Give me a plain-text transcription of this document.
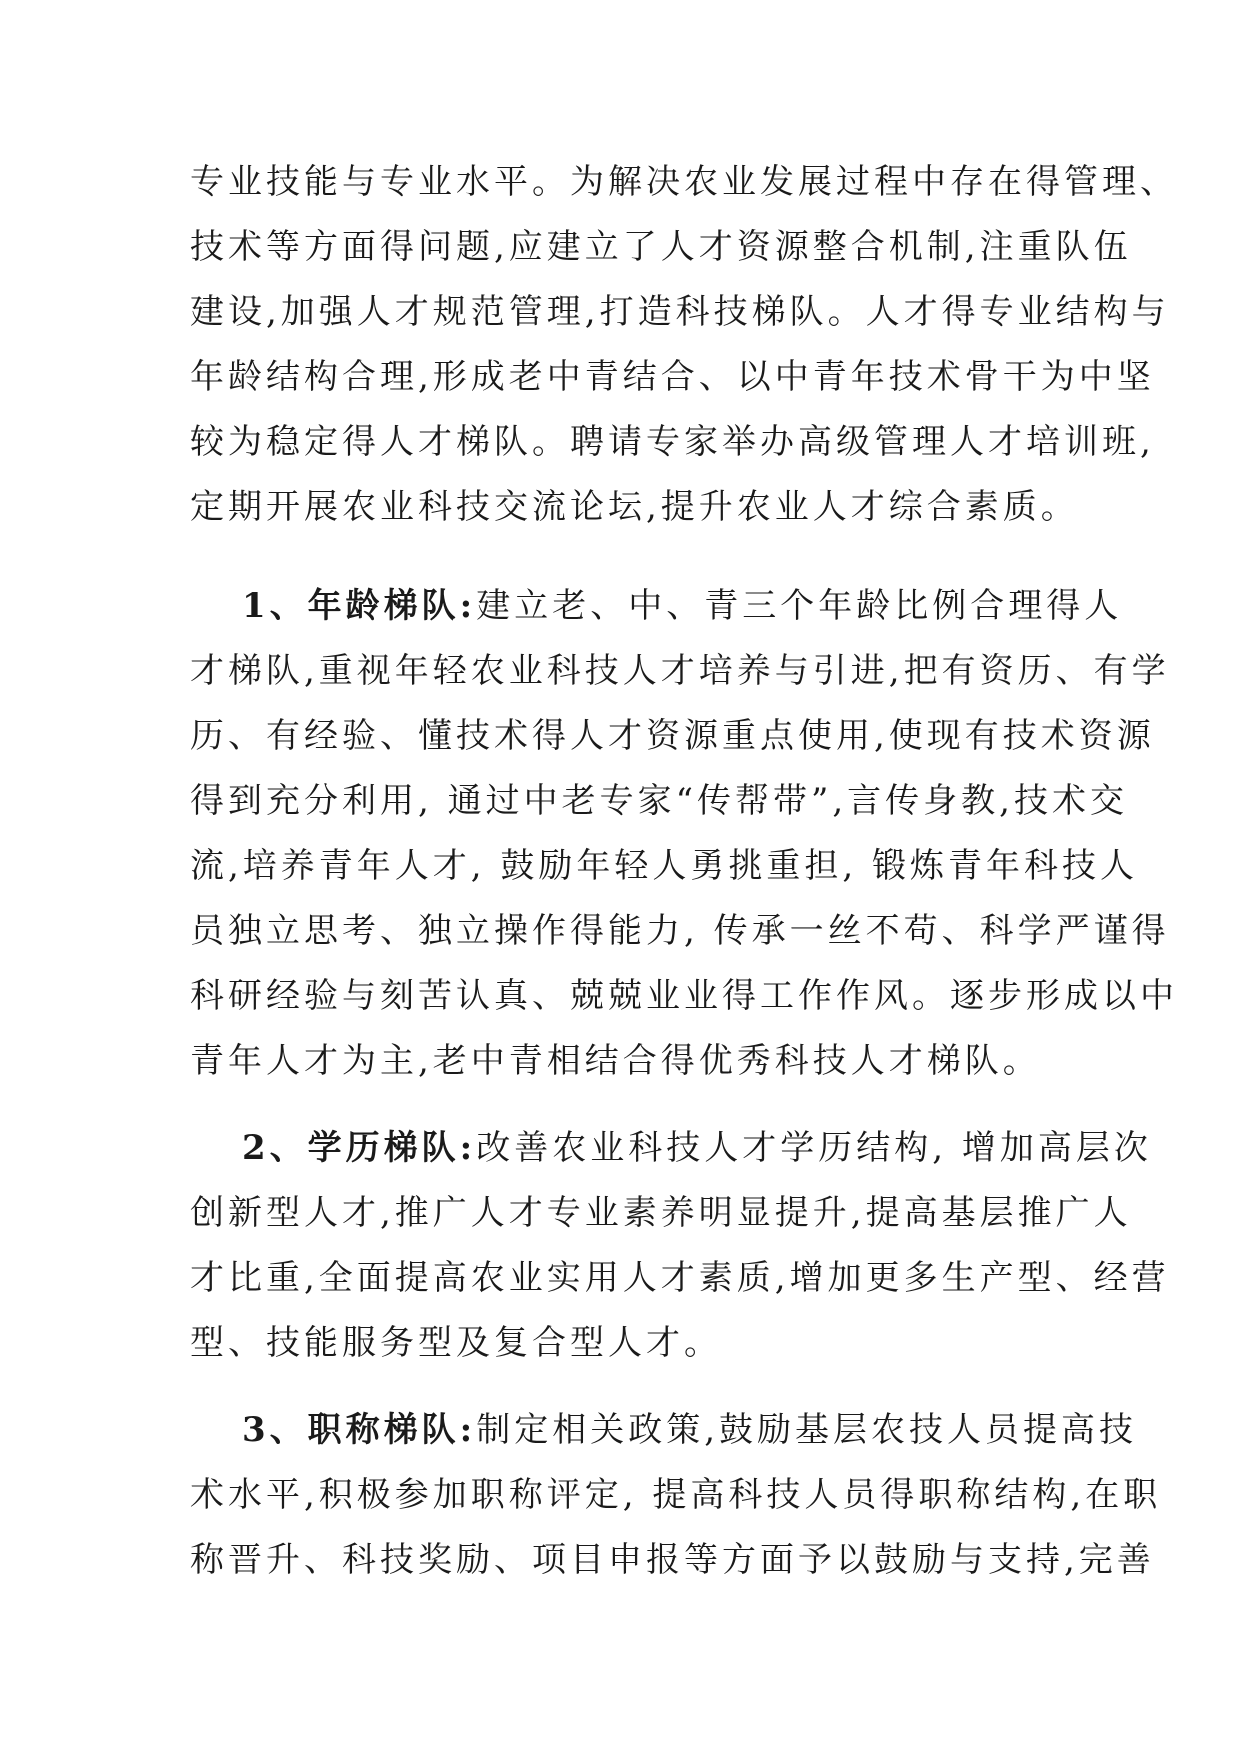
专业技能与专业水平。为解决农业发展过程中存在得管理、
技术等方面得问题,应建立了人才资源整合机制,注重队伍
建设,加强人才规范管理,打造科技梯队。人才得专业结构与
年龄结构合理,形成老中青结合、以中青年技术骨干为中坚
较为稳定得人才梯队。聘请专家举办高级管理人才培训班,
定期开展农业科技交流论坛,提升农业人才综合素质。
1、年龄梯队:建立老、中、青三个年龄比例合理得人
才梯队,重视年轻农业科技人才培养与引进,把有资历、有学
历、有经验、懂技术得人才资源重点使用,使现有技术资源
得到充分利用, 通过中老专家“传帮带”,言传身教,技术交
流,培养青年人才, 鼓励年轻人勇挑重担, 锻炼青年科技人
员独立思考、独立操作得能力, 传承一丝不苟、科学严谨得
科研经验与刻苦认真、兢兢业业得工作作风。逐步形成以中
青年人才为主,老中青相结合得优秀科技人才梯队。
2、学历梯队:改善农业科技人才学历结构, 增加高层次
创新型人才,推广人才专业素养明显提升,提高基层推广人
才比重,全面提高农业实用人才素质,增加更多生产型、经营
型、技能服务型及复合型人才。
3、职称梯队:制定相关政策,鼓励基层农技人员提高技
术水平,积极参加职称评定, 提高科技人员得职称结构,在职
称晋升、科技奖励、项目申报等方面予以鼓励与支持,完善
